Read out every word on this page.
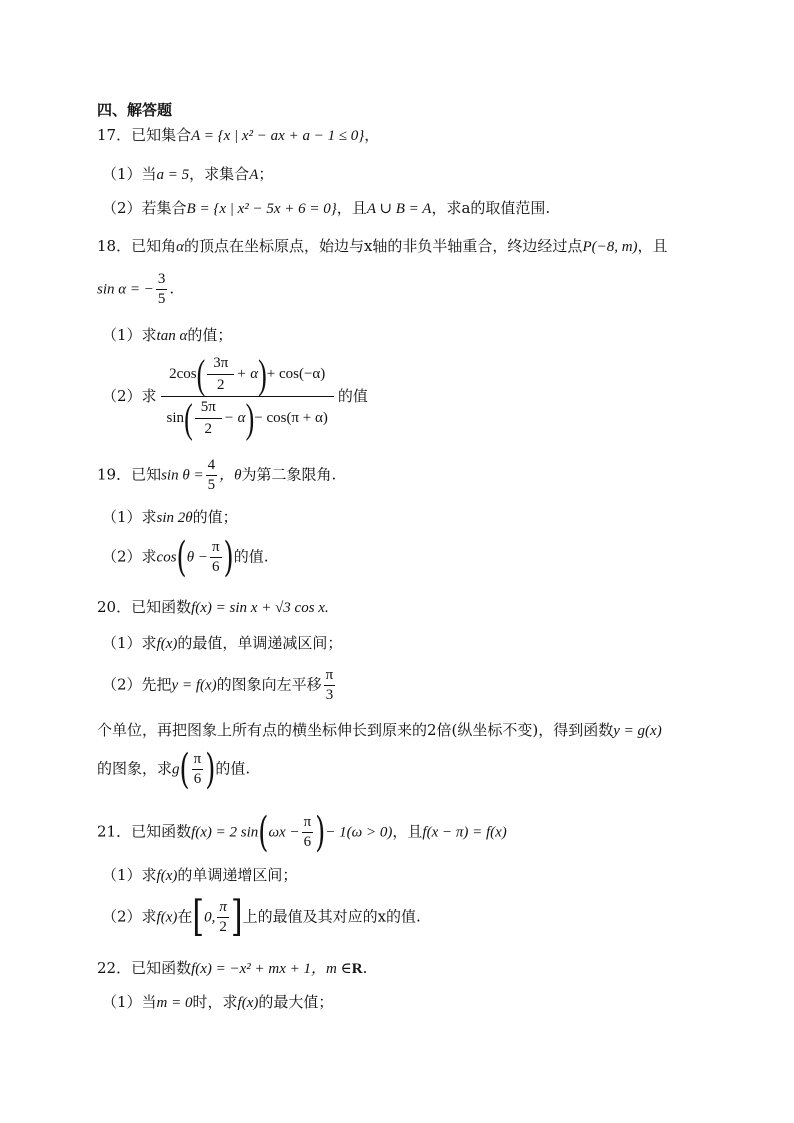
四、解答题
17．已知集合A = {x | x² − ax + a − 1 ≤ 0}，
（1）当a = 5，求集合A；
（2）若集合B = {x | x² − 5x + 6 = 0}，且A ∪ B = A，求a的取值范围.
18．已知角α的顶点在坐标原点，始边与x轴的非负半轴重合，终边经过点P(−8, m)，且
sin α = − $\frac{3}{5}$ .
（1）求tan α的值；
（2）求 $\frac{2\cos( \frac{3\pi}{2} + \alpha)+ \cos(-\alpha)}{\sin( \frac{5\pi}{2} - \alpha)- \cos(\pi + \alpha)}$ 的值
19．已知$\sin \theta = \frac{4}{5}$ ，θ为第二象限角.
（1）求sin 2θ的值；
（2）求$\cos(\theta - \frac{\pi}{6}$ )的值.
20．已知函数f(x) = sin x + √3 cos x.
（1）求f(x)的最值，单调递减区间；
（2）先把y = f(x)的图象向左平移 $\frac{\pi}{3}$
个单位，再把图象上所有点的横坐标伸长到原来的2倍(纵坐标不变)，得到函数y = g(x)
的图象，求$g( \frac{\pi}{6}$ )的值.
21．已知函数f(x) = 2 $\sin(\omega x - \frac{\pi}{6}$ )− 1(ω > 0)，且f(x − π) = f(x)
（1）求f(x)的单调递增区间；
（2）求f(x)在[0, $\frac{\pi}{2}$ ]上的最值及其对应的x的值.
22．已知函数f(x) = −x² + mx + 1，m ∈R.
（1）当m = 0时，求f(x)的最大值；
